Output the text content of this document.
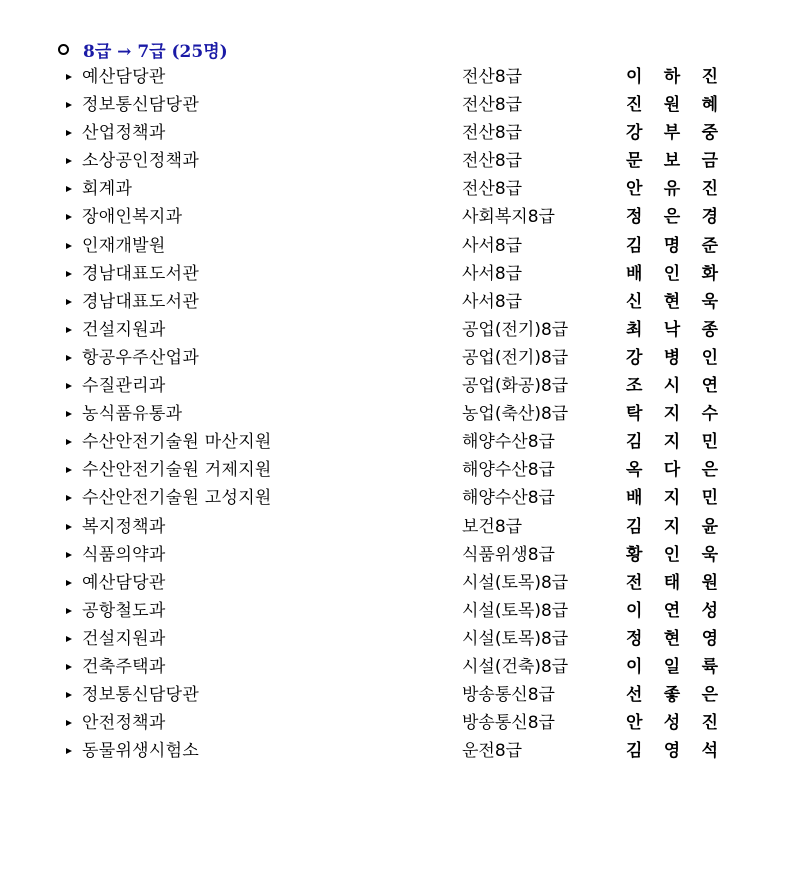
8급 → 7급 (25명)
예산담당관	전산8급	이 하 진
정보통신담당관	전산8급	진 원 혜
산업정책과	전산8급	강 부 중
소상공인정책과	전산8급	문 보 금
회계과	전산8급	안 유 진
장애인복지과	사회복지8급	정 은 경
인재개발원	사서8급	김 명 준
경남대표도서관	사서8급	배 인 화
경남대표도서관	사서8급	신 현 욱
건설지원과	공업(전기)8급	최 낙 종
항공우주산업과	공업(전기)8급	강 병 인
수질관리과	공업(화공)8급	조 시 연
농식품유통과	농업(축산)8급	탁 지 수
수산안전기술원 마산지원	해양수산8급	김 지 민
수산안전기술원 거제지원	해양수산8급	옥 다 은
수산안전기술원 고성지원	해양수산8급	배 지 민
복지정책과	보건8급	김 지 윤
식품의약과	식품위생8급	황 인 욱
예산담당관	시설(토목)8급	전 태 원
공항철도과	시설(토목)8급	이 연 성
건설지원과	시설(토목)8급	정 현 영
건축주택과	시설(건축)8급	이 일 륙
정보통신담당관	방송통신8급	선 좋 은
안전정책과	방송통신8급	안 성 진
동물위생시험소	운전8급	김 영 석
